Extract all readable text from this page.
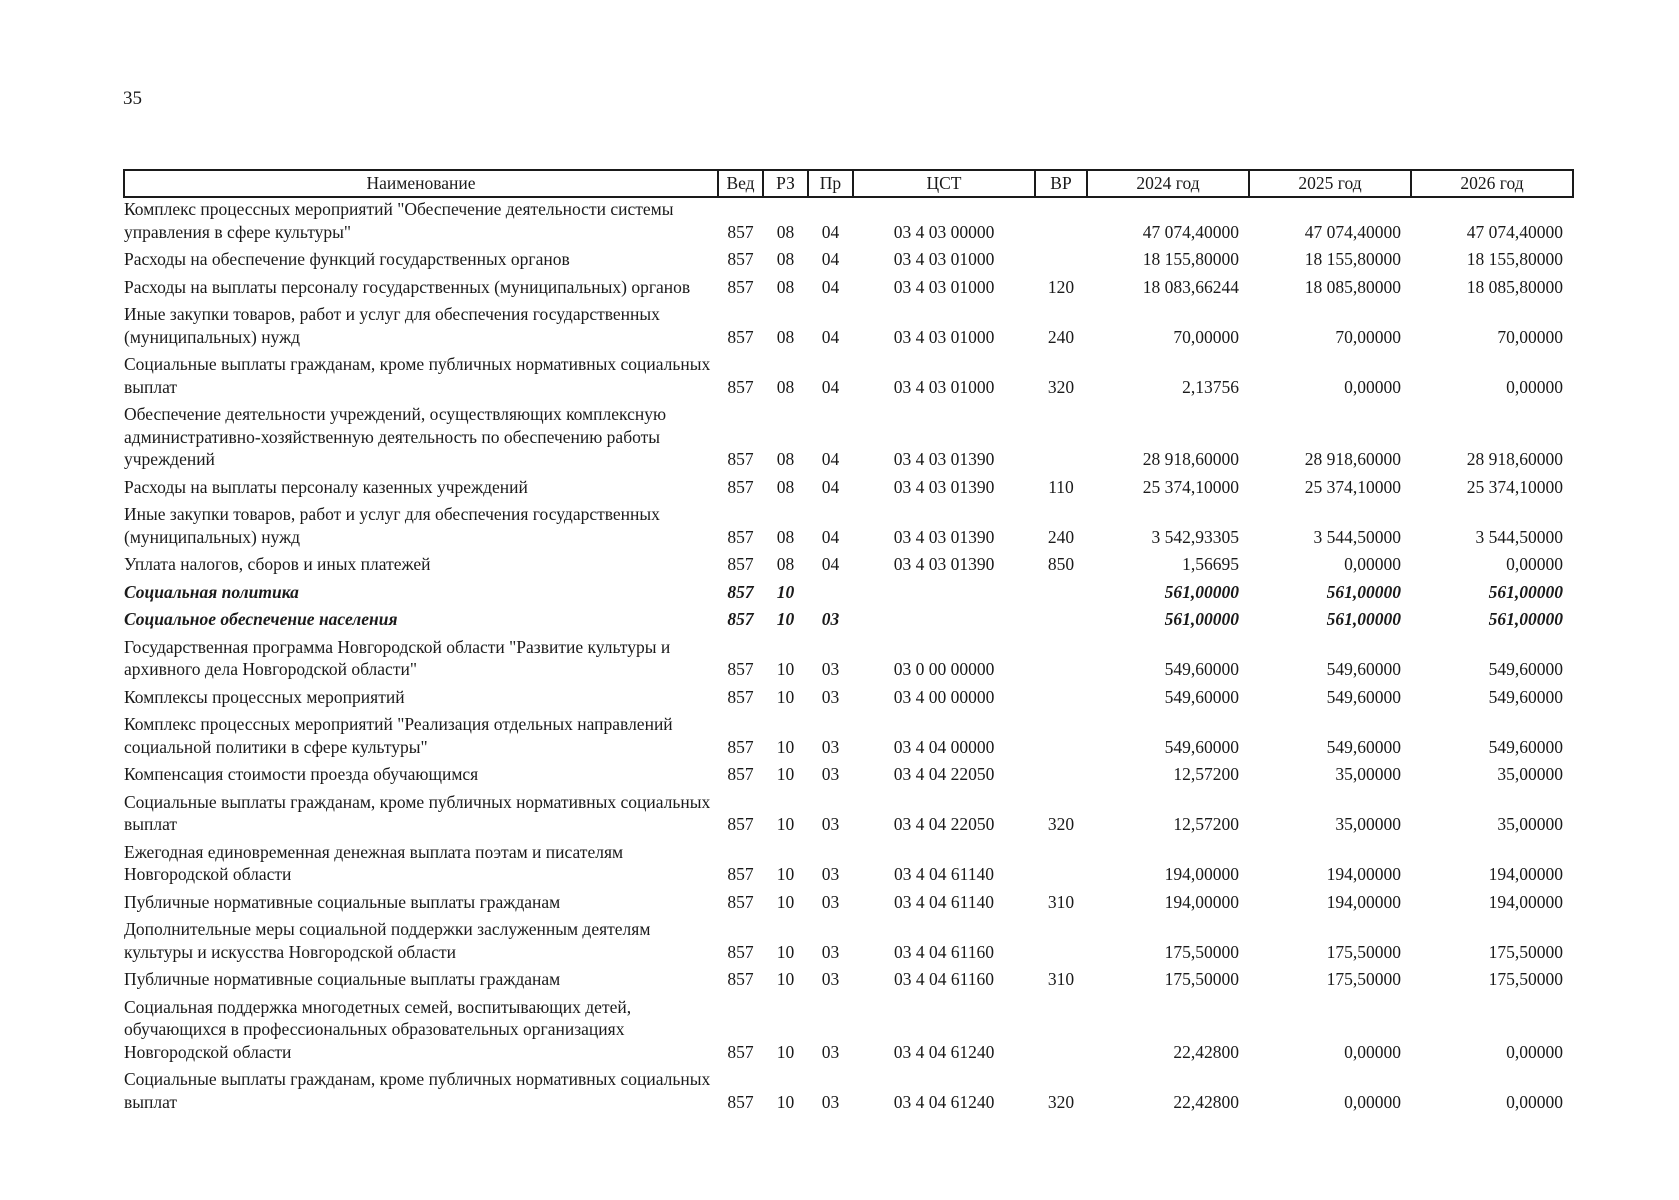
35
Наименование	Вед	РЗ	Пр	ЦСТ	ВР	2024 год	2025 год	2026 год
Комплекс процессных мероприятий "Обеспечение деятельности системы управления в сфере культуры"	857	08	04	03 4 03 00000		47 074,40000	47 074,40000	47 074,40000
Расходы на обеспечение функций государственных органов	857	08	04	03 4 03 01000		18 155,80000	18 155,80000	18 155,80000
Расходы на выплаты персоналу государственных (муниципальных) органов	857	08	04	03 4 03 01000	120	18 083,66244	18 085,80000	18 085,80000
Иные закупки товаров, работ и услуг для обеспечения государственных (муниципальных) нужд	857	08	04	03 4 03 01000	240	70,00000	70,00000	70,00000
Социальные выплаты гражданам, кроме публичных нормативных социальных выплат	857	08	04	03 4 03 01000	320	2,13756	0,00000	0,00000
Обеспечение деятельности учреждений, осуществляющих комплексную административно-хозяйственную деятельность по обеспечению работы учреждений	857	08	04	03 4 03 01390		28 918,60000	28 918,60000	28 918,60000
Расходы на выплаты персоналу казенных учреждений	857	08	04	03 4 03 01390	110	25 374,10000	25 374,10000	25 374,10000
Иные закупки товаров, работ и услуг для обеспечения государственных (муниципальных) нужд	857	08	04	03 4 03 01390	240	3 542,93305	3 544,50000	3 544,50000
Уплата налогов, сборов и иных платежей	857	08	04	03 4 03 01390	850	1,56695	0,00000	0,00000
Социальная политика	857	10				561,00000	561,00000	561,00000
Социальное обеспечение населения	857	10	03			561,00000	561,00000	561,00000
Государственная программа Новгородской области "Развитие культуры и архивного дела Новгородской области"	857	10	03	03 0 00 00000		549,60000	549,60000	549,60000
Комплексы процессных мероприятий	857	10	03	03 4 00 00000		549,60000	549,60000	549,60000
Комплекс процессных мероприятий "Реализация отдельных направлений социальной политики в сфере культуры"	857	10	03	03 4 04 00000		549,60000	549,60000	549,60000
Компенсация стоимости проезда обучающимся	857	10	03	03 4 04 22050		12,57200	35,00000	35,00000
Социальные выплаты гражданам, кроме публичных нормативных социальных выплат	857	10	03	03 4 04 22050	320	12,57200	35,00000	35,00000
Ежегодная единовременная денежная выплата поэтам и писателям Новгородской области	857	10	03	03 4 04 61140		194,00000	194,00000	194,00000
Публичные нормативные социальные выплаты гражданам	857	10	03	03 4 04 61140	310	194,00000	194,00000	194,00000
Дополнительные меры социальной поддержки заслуженным деятелям культуры и искусства Новгородской области	857	10	03	03 4 04 61160		175,50000	175,50000	175,50000
Публичные нормативные социальные выплаты гражданам	857	10	03	03 4 04 61160	310	175,50000	175,50000	175,50000
Социальная поддержка многодетных семей, воспитывающих детей, обучающихся в профессиональных образовательных организациях Новгородской области	857	10	03	03 4 04 61240		22,42800	0,00000	0,00000
Социальные выплаты гражданам, кроме публичных нормативных социальных выплат	857	10	03	03 4 04 61240	320	22,42800	0,00000	0,00000
